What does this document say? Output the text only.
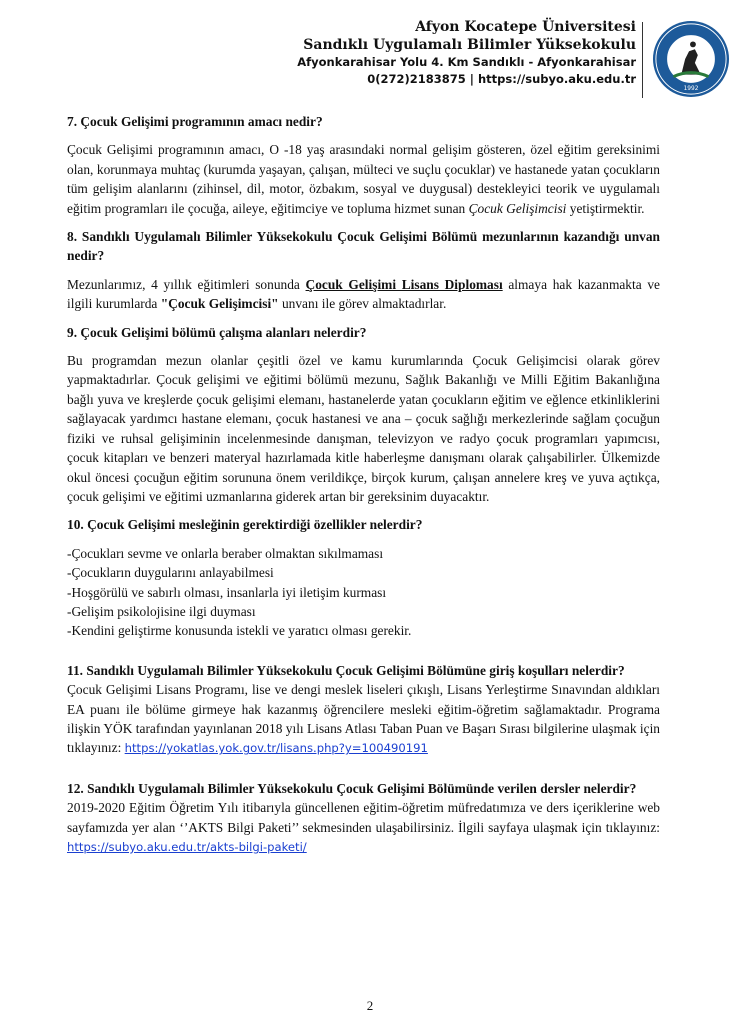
Afyon Kocatepe Üniversitesi
Sandıklı Uygulamalı Bilimler Yüksekokulu
Afyonkarahisar Yolu 4. Km Sandıklı - Afyonkarahisar
0(272)2183875 | https://subyo.aku.edu.tr
1992

7. Çocuk Gelişimi programının amacı nedir?

Çocuk Gelişimi programının amacı, O -18 yaş arasındaki normal gelişim gösteren, özel eğitim gereksinimi olan, korunmaya muhtaç (kurumda yaşayan, çalışan, mülteci ve suçlu çocuklar) ve hastanede yatan çocukların tüm gelişim alanlarını (zihinsel, dil, motor, özbakım, sosyal ve duygusal) destekleyici teorik ve uygulamalı eğitim programları ile çocuğa, aileye, eğitimciye ve topluma hizmet sunan Çocuk Gelişimcisi yetiştirmektir.

8. Sandıklı Uygulamalı Bilimler Yüksekokulu Çocuk Gelişimi Bölümü mezunlarının kazandığı unvan nedir?

Mezunlarımız, 4 yıllık eğitimleri sonunda Çocuk Gelişimi Lisans Diploması almaya hak kazanmakta ve ilgili kurumlarda "Çocuk Gelişimcisi" unvanı ile görev almaktadırlar.

9. Çocuk Gelişimi bölümü çalışma alanları nelerdir?

Bu programdan mezun olanlar çeşitli özel ve kamu kurumlarında Çocuk Gelişimcisi olarak görev yapmaktadırlar. Çocuk gelişimi ve eğitimi bölümü mezunu, Sağlık Bakanlığı ve Milli Eğitim Bakanlığına bağlı yuva ve kreşlerde çocuk gelişimi elemanı, hastanelerde yatan çocukların eğitim ve eğlence etkinliklerini sağlayacak yardımcı hastane elemanı, çocuk hastanesi ve ana – çocuk sağlığı merkezlerinde sağlam çocuğun fiziki ve ruhsal gelişiminin incelenmesinde danışman, televizyon ve radyo çocuk programları yapımcısı, çocuk kitapları ve benzeri materyal hazırlamada kitle haberleşme danışmanı olarak çalışabilirler. Ülkemizde okul öncesi çocuğun eğitim sorununa önem verildikçe, birçok kurum, çalışan annelere kreş ve yuva açtıkça, çocuk gelişimi ve eğitimi uzmanlarına giderek artan bir gereksinim duyacaktır.

10. Çocuk Gelişimi mesleğinin gerektirdiği özellikler nelerdir?

-Çocukları sevme ve onlarla beraber olmaktan sıkılmaması
-Çocukların duygularını anlayabilmesi
-Hoşgörülü ve sabırlı olması, insanlarla iyi iletişim kurması
-Gelişim psikolojisine ilgi duyması
-Kendini geliştirme konusunda istekli ve yaratıcı olması gerekir.

11. Sandıklı Uygulamalı Bilimler Yüksekokulu Çocuk Gelişimi Bölümüne giriş koşulları nelerdir?

Çocuk Gelişimi Lisans Programı, lise ve dengi meslek liseleri çıkışlı, Lisans Yerleştirme Sınavından aldıkları EA puanı ile bölüme girmeye hak kazanmış öğrencilere mesleki eğitim-öğretim sağlamaktadır. Programa ilişkin YÖK tarafından yayınlanan 2018 yılı Lisans Atlası Taban Puan ve Başarı Sırası bilgilerine ulaşmak için tıklayınız: https://yokatlas.yok.gov.tr/lisans.php?y=100490191

12. Sandıklı Uygulamalı Bilimler Yüksekokulu Çocuk Gelişimi Bölümünde verilen dersler nelerdir?

2019-2020 Eğitim Öğretim Yılı itibarıyla güncellenen eğitim-öğretim müfredatımıza ve ders içeriklerine web sayfamızda yer alan ‘’AKTS Bilgi Paketi’’ sekmesinden ulaşabilirsiniz. İlgili sayfaya ulaşmak için tıklayınız: https://subyo.aku.edu.tr/akts-bilgi-paketi/

2
